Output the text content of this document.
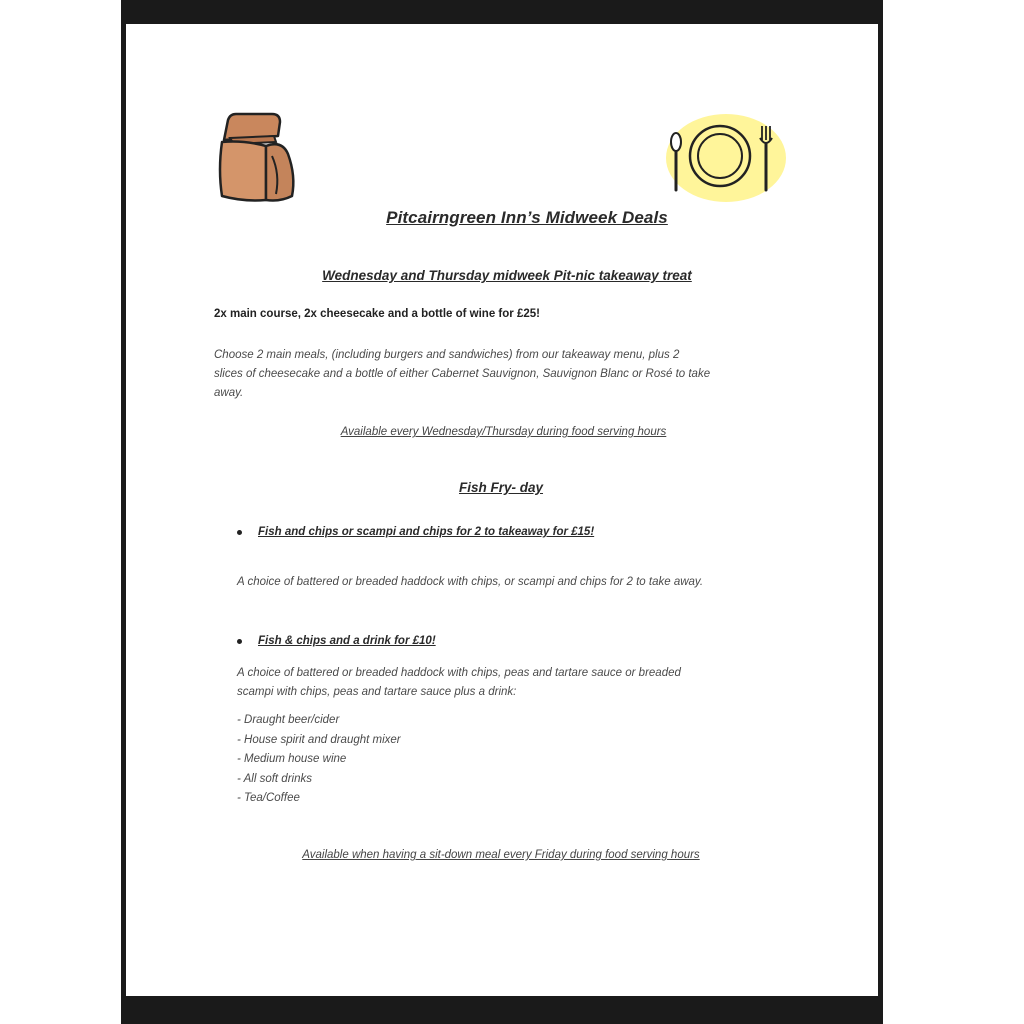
Pitcairngreen Inn’s Midweek Deals
Wednesday and Thursday midweek Pit-nic takeaway treat
2x main course, 2x cheesecake and a bottle of wine for £25!
Choose 2 main meals, (including burgers and sandwiches) from our takeaway menu, plus 2
slices of cheesecake and a bottle of either Cabernet Sauvignon, Sauvignon Blanc or Rosé to take
away.
Available every Wednesday/Thursday during food serving hours
Fish Fry- day
Fish and chips or scampi and chips for 2 to takeaway for £15!
A choice of battered or breaded haddock with chips, or scampi and chips for 2 to take away.
Fish & chips and a drink for £10!
A choice of battered or breaded haddock with chips, peas and tartare sauce or breaded
scampi with chips, peas and tartare sauce plus a drink:
- Draught beer/cider
- House spirit and draught mixer
- Medium house wine
- All soft drinks
- Tea/Coffee
Available when having a sit-down meal every Friday during food serving hours
